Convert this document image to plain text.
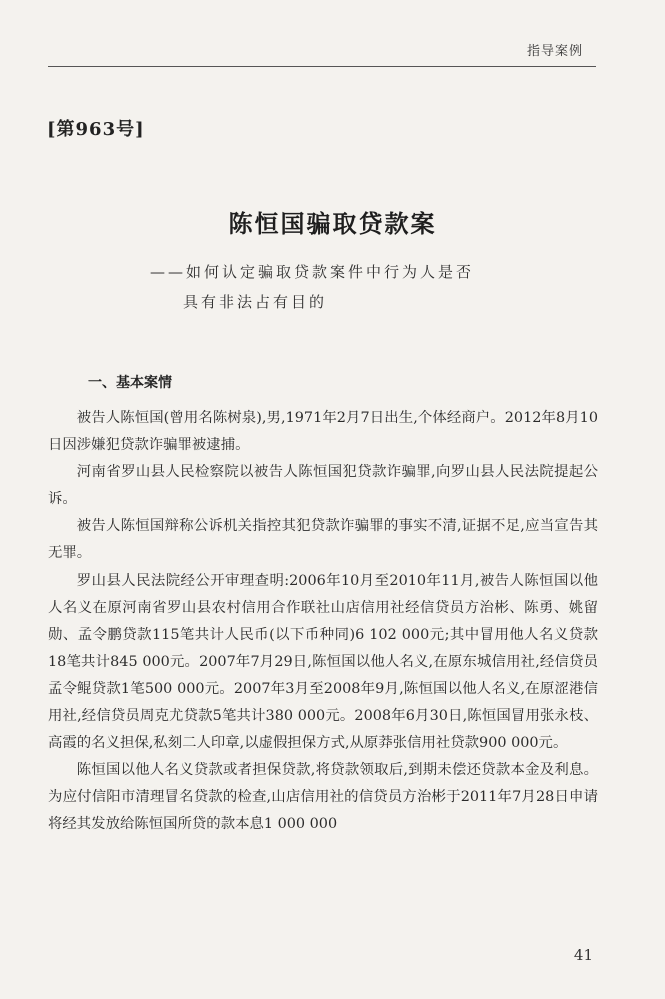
指导案例
[第963号]
陈恒国骗取贷款案
——如何认定骗取贷款案件中行为人是否
具有非法占有目的
一、基本案情

被告人陈恒国(曾用名陈树泉),男,1971年2月7日出生,个体经商户。2012年8月10日因涉嫌犯贷款诈骗罪被逮捕。

河南省罗山县人民检察院以被告人陈恒国犯贷款诈骗罪,向罗山县人民法院提起公诉。

被告人陈恒国辩称公诉机关指控其犯贷款诈骗罪的事实不清,证据不足,应当宣告其无罪。

罗山县人民法院经公开审理查明:2006年10月至2010年11月,被告人陈恒国以他人名义在原河南省罗山县农村信用合作联社山店信用社经信贷员方治彬、陈勇、姚留勋、孟令鹏贷款115笔共计人民币(以下币种同)6 102 000元;其中冒用他人名义贷款18笔共计845 000元。2007年7月29日,陈恒国以他人名义,在原东城信用社,经信贷员孟令鲲贷款1笔500 000元。2007年3月至2008年9月,陈恒国以他人名义,在原涩港信用社,经信贷员周克尤贷款5笔共计380 000元。2008年6月30日,陈恒国冒用张永枝、高霞的名义担保,私刻二人印章,以虚假担保方式,从原莽张信用社贷款900 000元。

陈恒国以他人名义贷款或者担保贷款,将贷款领取后,到期未偿还贷款本金及利息。为应付信阳市清理冒名贷款的检查,山店信用社的信贷员方治彬于2011年7月28日申请将经其发放给陈恒国所贷的款本息1 000 000

41
